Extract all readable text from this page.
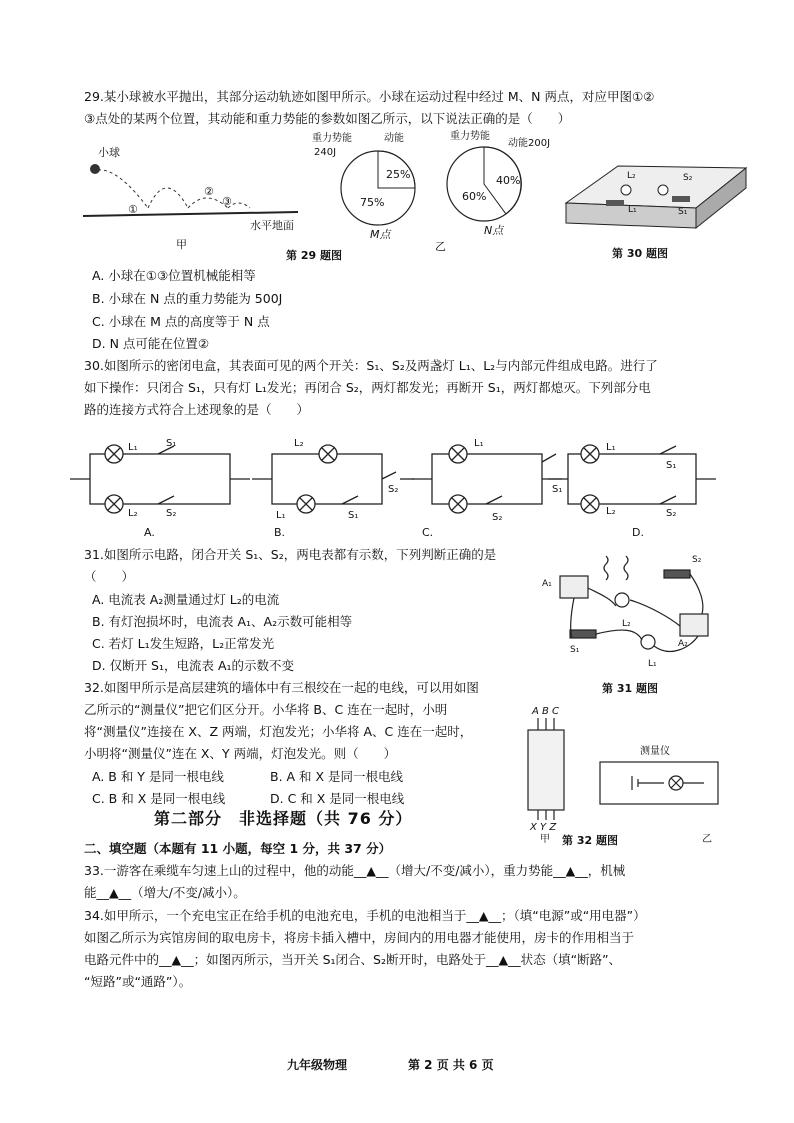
29.某小球被水平抛出，其部分运动轨迹如图甲所示。小球在运动过程中经过 M、N 两点，对应甲图①②
③点处的某两个位置，其动能和重力势能的参数如图乙所示，以下说法正确的是（　　）
小球
①
②
③
水平地面
甲
重力势能
240J
动能
25%
75%
M点
重力势能
动能200J
40%
60%
N点
乙
第 29 题图
L₂	S₂
L₁	S₁
第 30 题图
A. 小球在①③位置机械能相等
B. 小球在 N 点的重力势能为 500J
C. 小球在 M 点的高度等于 N 点
D. N 点可能在位置②
30.如图所示的密闭电盒，其表面可见的两个开关：S₁、S₂及两盏灯 L₁、L₂与内部元件组成电路。进行了
如下操作：只闭合 S₁，只有灯 L₁发光；再闭合 S₂，两灯都发光；再断开 S₁，两灯都熄灭。下列部分电
路的连接方式符合上述现象的是（　　）
L₁	S₁
L₂	S₂
L₂
L₁	S₁
S₂
L₁
S₂
S₁
L₁
L₂
S₁
S₂
A.	B.	C.	D.
31.如图所示电路，闭合开关 S₁、S₂，两电表都有示数，下列判断正确的是
（　　）
A. 电流表 A₂测量通过灯 L₂的电流
B. 有灯泡损坏时，电流表 A₁、A₂示数可能相等
C. 若灯 L₁发生短路，L₂正常发光
D. 仅断开 S₁，电流表 A₁的示数不变
A₁
A₂
L₂
L₁
S₂
S₁
第 31 题图
32.如图甲所示是高层建筑的墙体中有三根绞在一起的电线，可以用如图
乙所示的“测量仪”把它们区分开。小华将 B、C 连在一起时，小明
将“测量仪”连接在 X、Z 两端，灯泡发光；小华将 A、C 连在一起时，
小明将“测量仪”连在 X、Y 两端，灯泡发光。则（　　）
A. B 和 Y 是同一根电线	B. A 和 X 是同一根电线
C. B 和 X 是同一根电线	D. C 和 X 是同一根电线
A B C
X Y Z
甲
测量仪
乙
第 32 题图
第二部分　非选择题（共 76 分）
二、填空题（本题有 11 小题，每空 1 分，共 37 分）
33.一游客在乘缆车匀速上山的过程中，他的动能__▲__（增大/不变/减小），重力势能__▲__，机械
能__▲__（增大/不变/减小）。
34.如甲所示，一个充电宝正在给手机的电池充电，手机的电池相当于__▲__；（填“电源”或“用电器”）
如图乙所示为宾馆房间的取电房卡，将房卡插入槽中，房间内的用电器才能使用，房卡的作用相当于
电路元件中的__▲__；如图丙所示，当开关 S₁闭合、S₂断开时，电路处于__▲__状态（填“断路”、
“短路”或“通路”）。
九年级物理	第 2 页 共 6 页
